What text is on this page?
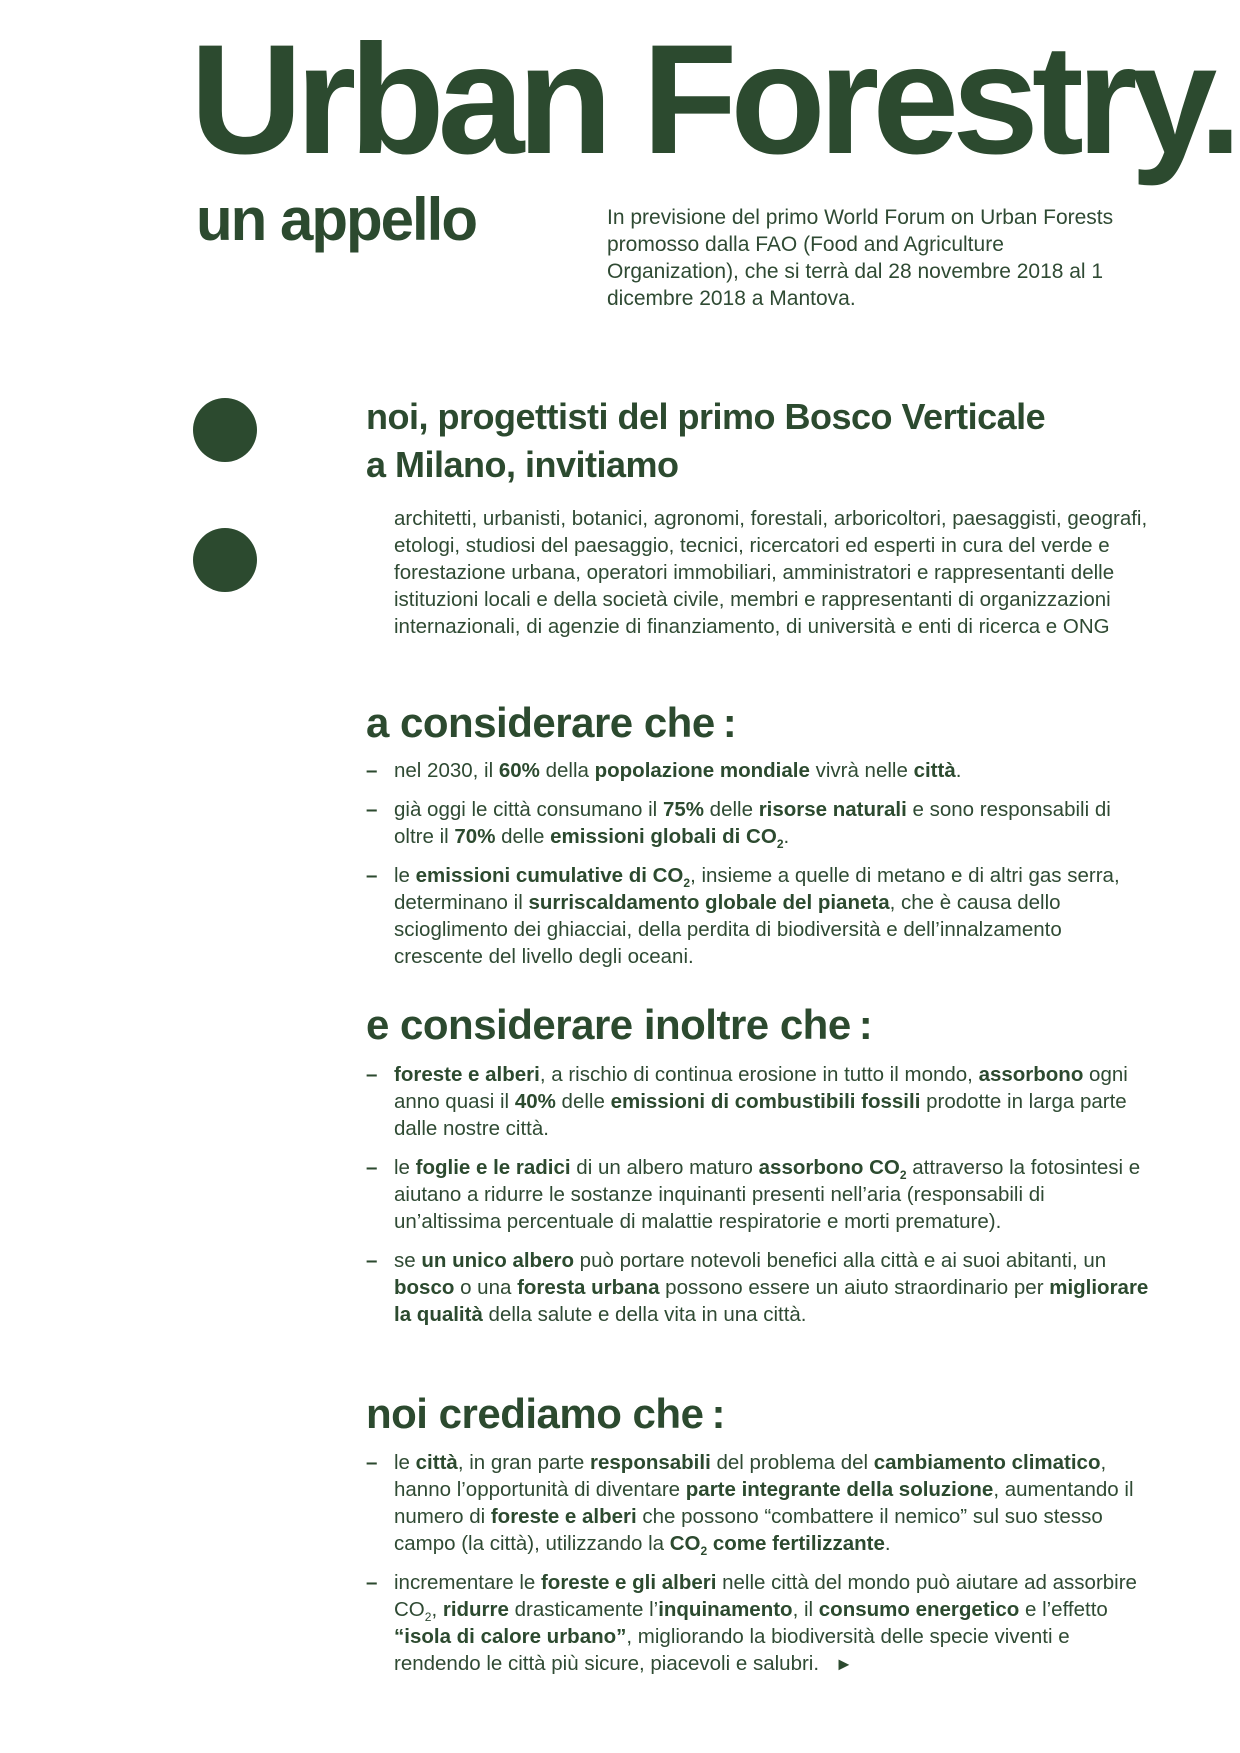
Urban Forestry.
un appello	In previsione del primo World Forum on Urban Forests promosso dalla FAO (Food and Agriculture Organization), che si terrà dal 28 novembre 2018 al 1 dicembre 2018 a Mantova.

noi, progettisti del primo Bosco Verticale
a Milano, invitiamo

architetti, urbanisti, botanici, agronomi, forestali, arboricoltori, paesaggisti, geografi, etologi, studiosi del paesaggio, tecnici, ricercatori ed esperti in cura del verde e forestazione urbana, operatori immobiliari, amministratori e rappresentanti delle istituzioni locali e della società civile, membri e rappresentanti di organizzazioni internazionali, di agenzie di finanziamento, di università e enti di ricerca e ONG

a considerare che :
– nel 2030, il 60% della popolazione mondiale vivrà nelle città.
– già oggi le città consumano il 75% delle risorse naturali e sono responsabili di oltre il 70% delle emissioni globali di $CO_2$.
– le emissioni cumulative di $CO_2$, insieme a quelle di metano e di altri gas serra, determinano il surriscaldamento globale del pianeta, che è causa dello scioglimento dei ghiacciai, della perdita di biodiversità e dell’innalzamento crescente del livello degli oceani.
e considerare inoltre che :
– foreste e alberi, a rischio di continua erosione in tutto il mondo, assorbono ogni anno quasi il 40% delle emissioni di combustibili fossili prodotte in larga parte dalle nostre città.
– le foglie e le radici di un albero maturo assorbono $CO_2$ attraverso la fotosintesi e aiutano a ridurre le sostanze inquinanti presenti nell’aria (responsabili di un’altissima percentuale di malattie respiratorie e morti premature).
– se un unico albero può portare notevoli benefici alla città e ai suoi abitanti, un bosco o una foresta urbana possono essere un aiuto straordinario per migliorare la qualità della salute e della vita in una città.
noi crediamo che :
– le città, in gran parte responsabili del problema del cambiamento climatico, hanno l’opportunità di diventare parte integrante della soluzione, aumentando il numero di foreste e alberi che possono “combattere il nemico” sul suo stesso campo (la città), utilizzando la $CO_2$ come fertilizzante.
– incrementare le foreste e gli alberi nelle città del mondo può aiutare ad assorbire $CO_2$, ridurre drasticamente l’inquinamento, il consumo energetico e l’effetto “isola di calore urbano”, migliorando la biodiversità delle specie viventi e rendendo le città più sicure, piacevoli e salubri. ►
